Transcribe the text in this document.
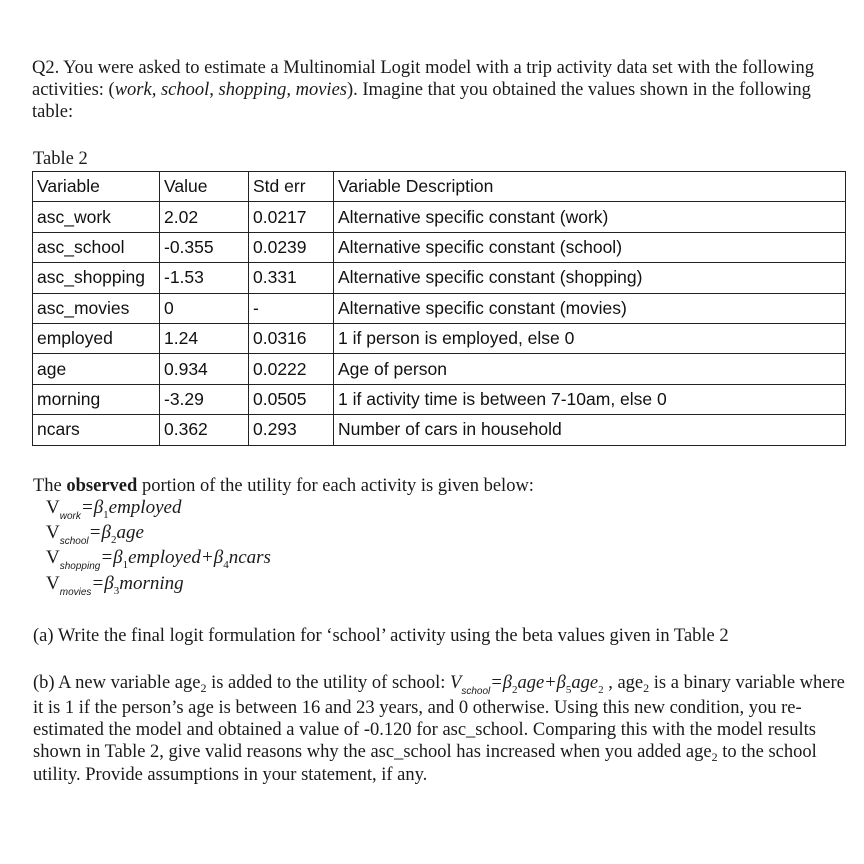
Q2. You were asked to estimate a Multinomial Logit model with a trip activity data set with the following activities: (work, school, shopping, movies). Imagine that you obtained the values shown in the following table:
Table 2
Variable	Value	Std err	Variable Description
asc_work	2.02	0.0217	Alternative specific constant (work)
asc_school	-0.355	0.0239	Alternative specific constant (school)
asc_shopping	-1.53	0.331	Alternative specific constant (shopping)
asc_movies	0	-	Alternative specific constant (movies)
employed	1.24	0.0316	1 if person is employed, else 0
age	0.934	0.0222	Age of person
morning	-3.29	0.0505	1 if activity time is between 7-10am, else 0
ncars	0.362	0.293	Number of cars in household
The observed portion of the utility for each activity is given below:
$V_{work}=\beta_1employed$
$V_{school}=\beta_2age$
$V_{shopping}=\beta_1employed+\beta_4ncars$
$V_{movies}=\beta_3morning$
(a) Write the final logit formulation for ‘school’ activity using the beta values given in Table 2
(b) A new variable age$_2$ is added to the utility of school: $V_{school}=\beta_2age+\beta_5age_2$ , age$_2$ is a binary variable where it is 1 if the person’s age is between 16 and 23 years, and 0 otherwise. Using this new condition, you re-estimated the model and obtained a value of -0.120 for asc_school. Comparing this with the model results shown in Table 2, give valid reasons why the asc_school has increased when you added age$_2$ to the school utility. Provide assumptions in your statement, if any.
